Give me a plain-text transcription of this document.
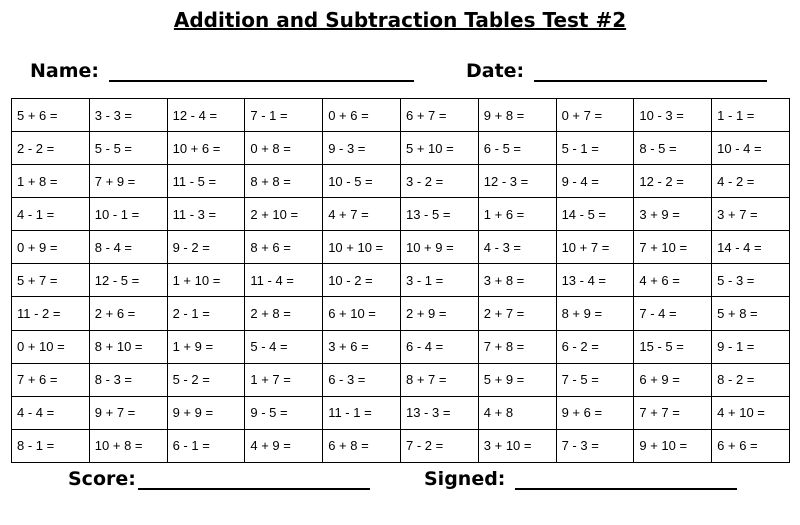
Addition and Subtraction Tables Test #2
Name:	Date:
5 + 6 =	3 - 3 =	12 - 4 =	7 - 1 =	0 + 6 =	6 + 7 =	9 + 8 =	0 + 7 =	10 - 3 =	1 - 1 =
2 - 2 =	5 - 5 =	10 + 6 =	0 + 8 =	9 - 3 =	5 + 10 =	6 - 5 =	5 - 1 =	8 - 5 =	10 - 4 =
1 + 8 =	7 + 9 =	11 - 5 =	8 + 8 =	10 - 5 =	3 - 2 =	12 - 3 =	9 - 4 =	12 - 2 =	4 - 2 =
4 - 1 =	10 - 1 =	11 - 3 =	2 + 10 =	4 + 7 =	13 - 5 =	1 + 6 =	14 - 5 =	3 + 9 =	3 + 7 =
0 + 9 =	8 - 4 =	9 - 2 =	8 + 6 =	10 + 10 =	10 + 9 =	4 - 3 =	10 + 7 =	7 + 10 =	14 - 4 =
5 + 7 =	12 - 5 =	1 + 10 =	11 - 4 =	10 - 2 =	3 - 1 =	3 + 8 =	13 - 4 =	4 + 6 =	5 - 3 =
11 - 2 =	2 + 6 =	2 - 1 =	2 + 8 =	6 + 10 =	2 + 9 =	2 + 7 =	8 + 9 =	7 - 4 =	5 + 8 =
0 + 10 =	8 + 10 =	1 + 9 =	5 - 4 =	3 + 6 =	6 - 4 =	7 + 8 =	6 - 2 =	15 - 5 =	9 - 1 =
7 + 6 =	8 - 3 =	5 - 2 =	1 + 7 =	6 - 3 =	8 + 7 =	5 + 9 =	7 - 5 =	6 + 9 =	8 - 2 =
4 - 4 =	9 + 7 =	9 + 9 =	9 - 5 =	11 - 1 =	13 - 3 =	4 + 8	9 + 6 =	7 + 7 =	4 + 10 =
8 - 1 =	10 + 8 =	6 - 1 =	4 + 9 =	6 + 8 =	7 - 2 =	3 + 10 =	7 - 3 =	9 + 10 =	6 + 6 =
Score:	Signed:
